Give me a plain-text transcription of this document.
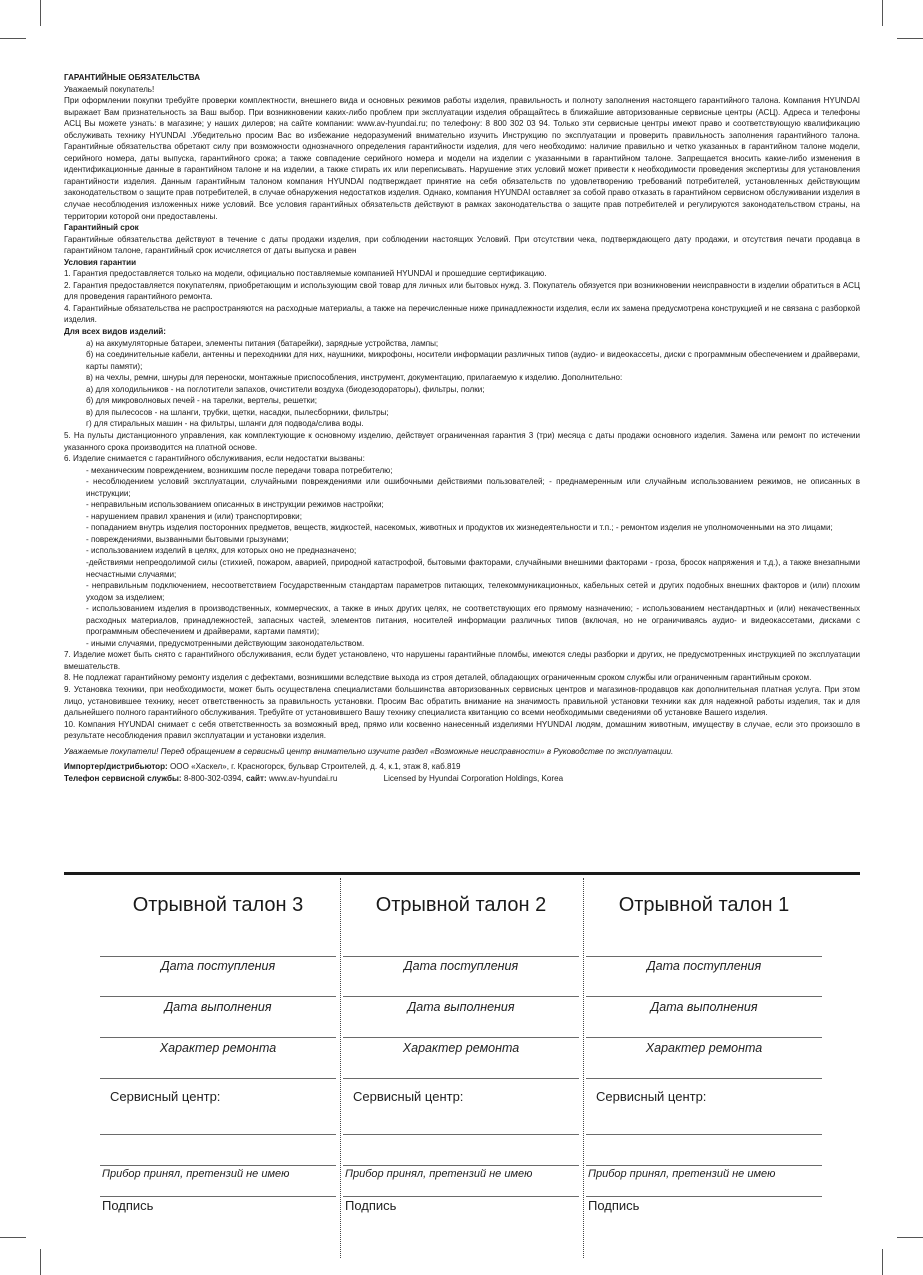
ГАРАНТИЙНЫЕ ОБЯЗАТЕЛЬСТВА

Уважаемый покупатель!

При оформлении покупки требуйте проверки комплектности, внешнего вида и основных режимов работы изделия, правильность и полноту заполнения настоящего гарантийного талона. Компания HYUNDAI выражает Вам признательность за Ваш выбор. При возникновении каких-либо проблем при эксплуатации изделия обращайтесь в ближайшие авторизованные сервисные центры (АСЦ). Адреса и телефоны АСЦ Вы можете узнать: в магазине; у наших дилеров; на сайте компании: www.av-hyundai.ru; по телефону: 8 800 302 03 94. Только эти сервисные центры имеют право и соответствующую квалификацию обслуживать технику HYUNDAI .Убедительно просим Вас во избежание недоразумений внимательно изучить Инструкцию по эксплуатации и проверить правильность заполнения гарантийного талона. Гарантийные обязательства обретают силу при возможности однозначного определения гарантийности изделия, для чего необходимо: наличие правильно и четко указанных в гарантийном талоне модели, серийного номера, даты выпуска, гарантийного срока; а также совпадение серийного номера и модели на изделии с указанными в гарантийном талоне. Запрещается вносить какие-либо изменения в идентификационные данные в гарантийном талоне и на изделии, а также стирать их или переписывать. Нарушение этих условий может привести к необходимости проведения экспертизы для установления гарантийности изделия. Данным гарантийным талоном компания HYUNDAI подтверждает принятие на себя обязательств по удовлетворению требований потребителей, установленных действующим законодательством о защите прав потребителей, в случае обнаружения недостатков изделия. Однако, компания HYUNDAI оставляет за собой право отказать в гарантийном сервисном обслуживании изделия в случае несоблюдения изложенных ниже условий. Все условия гарантийных обязательств действуют в рамках законодательства о защите прав потребителей и регулируются законодательством страны, на территории которой они предоставлены.

Гарантийный срок

Гарантийные обязательства действуют в течение с даты продажи изделия, при соблюдении настоящих Условий. При отсутствии чека, подтверждающего дату продажи, и отсутствия печати продавца в гарантийном талоне, гарантийный срок исчисляется от даты выпуска и равен

Условия гарантии

1. Гарантия предоставляется только на модели, официально поставляемые компанией HYUNDAI и прошедшие сертификацию.

2. Гарантия предоставляется покупателям, приобретающим и использующим свой товар для личных или бытовых нужд. 3. Покупатель обязуется при возникновении неисправности в изделии обратиться в АСЦ для проведения гарантийного ремонта.

4. Гарантийные обязательства не распространяются на расходные материалы, а также на перечисленные ниже принадлежности изделия, если их замена предусмотрена конструкцией и не связана с разборкой изделия.

Для всех видов изделий:

а) на аккумуляторные батареи, элементы питания (батарейки), зарядные устройства, лампы;

б) на соединительные кабели, антенны и переходники для них, наушники, микрофоны, носители информации различных типов (аудио- и видеокассеты, диски с программным обеспечением и драйверами, карты памяти);

в) на чехлы, ремни, шнуры для переноски, монтажные приспособления, инструмент, документацию, прилагаемую к изделию. Дополнительно:

а) для холодильников - на поглотители запахов, очистители воздуха (биодезодораторы), фильтры, полки;

б) для микроволновых печей - на тарелки, вертелы, решетки;

в) для пылесосов - на шланги, трубки, щетки, насадки, пылесборники, фильтры;

г) для стиральных машин - на фильтры, шланги для подвода/слива воды.

5. На пульты дистанционного управления, как комплектующие к основному изделию, действует ограниченная гарантия 3 (три) месяца с даты продажи основного изделия. Замена или ремонт по истечении указанного срока производится на платной основе.

6. Изделие снимается с гарантийного обслуживания, если недостатки вызваны:

- механическим повреждением, возникшим после передачи товара потребителю;

- несоблюдением условий эксплуатации, случайными повреждениями или ошибочными действиями пользователей; - преднамеренным или случайным использованием режимов, не описанных в инструкции;

- неправильным использованием описанных в инструкции режимов настройки;

- нарушением правил хранения и (или) транспортировки;

- попаданием внутрь изделия посторонних предметов, веществ, жидкостей, насекомых, животных и продуктов их жизнедеятельности и т.п.; - ремонтом изделия не уполномоченными на это лицами;

- повреждениями, вызванными бытовыми грызунами;

- использованием изделий в целях, для которых оно не предназначено;

-действиями непреодолимой силы (стихией, пожаром, аварией, природной катастрофой, бытовыми факторами, случайными внешними факторами - гроза, бросок напряжения и т.д.), а также внезапными несчастными случаями;

- неправильным подключением, несоответствием Государственным стандартам параметров питающих, телекоммуникационных, кабельных сетей и других подобных внешних факторов и (или) плохим уходом за изделием;

- использованием изделия в производственных, коммерческих, а также в иных других целях, не соответствующих его прямому назначению; - использованием нестандартных и (или) некачественных расходных материалов, принадлежностей, запасных частей, элементов питания, носителей информации различных типов (включая, но не ограничиваясь аудио- и видеокассетами, дисками с программным обеспечением и драйверами, картами памяти);

- иными случаями, предусмотренными действующим законодательством.

7. Изделие может быть снято с гарантийного обслуживания, если будет установлено, что нарушены гарантийные пломбы, имеются следы разборки и других, не предусмотренных инструкцией по эксплуатации вмешательств.

8. Не подлежат гарантийному ремонту изделия с дефектами, возникшими вследствие выхода из строя деталей, обладающих ограниченным сроком службы или ограниченным гарантийным сроком.

9. Установка техники, при необходимости, может быть осуществлена специалистами большинства авторизованных сервисных центров и магазинов-продавцов как дополнительная платная услуга. При этом лицо, установившее технику, несет ответственность за правильность установки. Просим Вас обратить внимание на значимость правильной установки техники как для надежной работы изделия, так и для дальнейшего полного гарантийного обслуживания. Требуйте от установившего Вашу технику специалиста квитанцию со всеми необходимыми сведениями об установке Вашего изделия.

10. Компания HYUNDAI снимает с себя ответственность за возможный вред, прямо или косвенно нанесенный изделиями HYUNDAI людям, домашним животным, имуществу в случае, если это произошло в результате несоблюдения правил эксплуатации и установки изделия.

Уважаемые покупатели! Перед обращением в сервисный центр внимательно изучите раздел «Возможные неисправности» в Руководстве по эксплуатации.

Импортер/дистрибьютор: ООО «Хаскел», г. Красногорск, бульвар Строителей, д. 4, к.1, этаж 8, каб.819

Телефон сервисной службы: 8-800-302-0394, сайт: www.av-hyundai.ru	Licensed by Hyundai Corporation Holdings, Korea

Отрывной талон 3
Дата поступления
Дата выполнения
Характер ремонта
Сервисный центр:
Прибор принял, претензий не имею
Подпись
Отрывной талон 2
Дата поступления
Дата выполнения
Характер ремонта
Сервисный центр:
Прибор принял, претензий не имею
Подпись
Отрывной талон 1
Дата поступления
Дата выполнения
Характер ремонта
Сервисный центр:
Прибор принял, претензий не имею
Подпись
